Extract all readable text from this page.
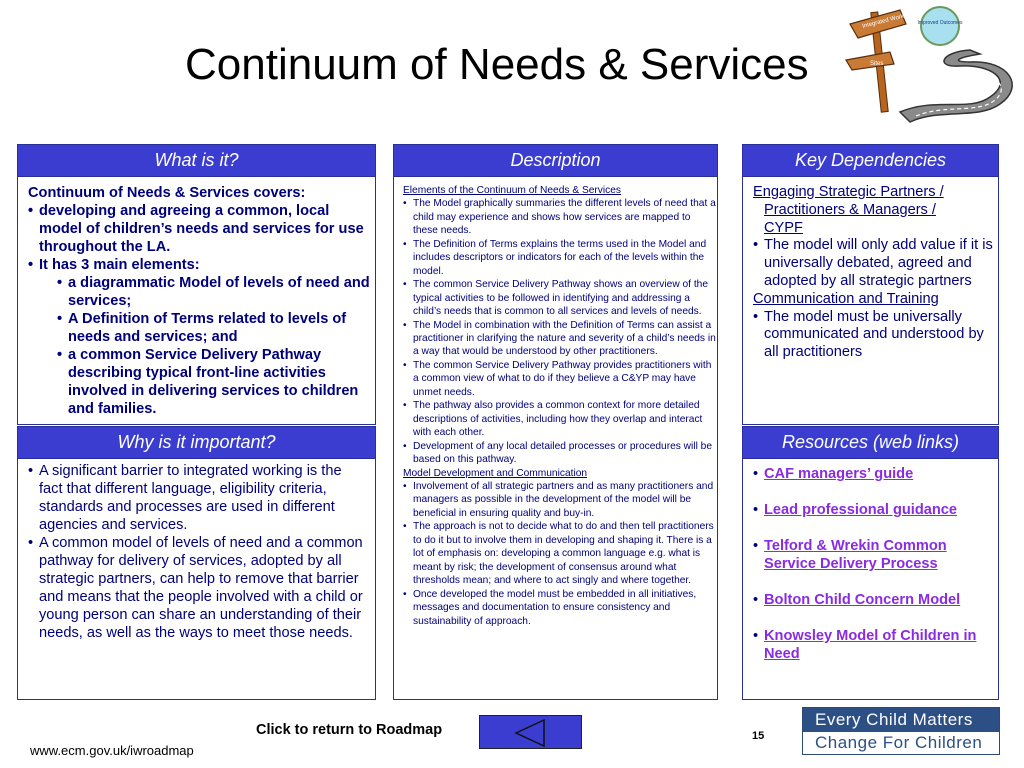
Continuum of Needs & Services
Integrated Working
Sites
Improved Outcomes
What is it?
Continuum of Needs & Services covers:
• developing and agreeing a common, local model of children’s needs and services for use throughout the LA.
• It has 3 main elements:
• a diagrammatic Model of levels of need and services;
• A Definition of Terms related to levels of needs and services; and
• a common Service Delivery Pathway describing typical front-line activities involved in delivering services to children and families.
Why is it important?
• A significant barrier to integrated working is the fact that different language, eligibility criteria, standards and processes are used in different agencies and services.
• A common model of levels of need and a common pathway for delivery of services, adopted by all strategic partners, can help to remove that barrier and means that the people involved with a child or young person can share an understanding of their needs, as well as the ways to meet those needs.
Description
Elements of the Continuum of Needs & Services
• The Model graphically summaries the different levels of need that a child may experience and shows how services are mapped to these needs.
• The Definition of Terms explains the terms used in the Model and includes descriptors or indicators for each of the levels within the model.
• The common Service Delivery Pathway shows an overview of the typical activities to be followed in identifying and addressing a child’s needs that is common to all services and levels of needs.
• The Model in combination with the Definition of Terms can assist a practitioner in clarifying the nature and severity of a child’s needs in a way that would be understood by other practitioners.
• The common Service Delivery Pathway provides practitioners with a common view of what to do if they believe a C&YP may have unmet needs.
• The pathway also provides a common context for more detailed descriptions of activities, including how they overlap and interact with each other.
• Development of any local detailed processes or procedures will be based on this pathway.
Model Development and Communication
• Involvement of all strategic partners and as many practitioners and managers as possible in the development of the model will be beneficial in ensuring quality and buy-in.
• The approach is not to decide what to do and then tell practitioners to do it but to involve them in developing and shaping it. There is a lot of emphasis on: developing a common language e.g. what is meant by risk; the development of consensus around what thresholds mean; and where to act singly and where together.
• Once developed the model must be embedded in all initiatives, messages and documentation to ensure consistency and sustainability of approach.
Key Dependencies
Engaging Strategic Partners /
Practitioners & Managers /
CYPF
• The model will only add value if it is universally debated, agreed and adopted by all strategic partners
Communication and Training
• The model must be universally communicated and understood by all practitioners
Resources (web links)
• CAF managers’ guide
• Lead professional guidance
• Telford & Wrekin Common Service Delivery Process
• Bolton Child Concern Model
• Knowsley Model of Children in Need
Click to return to Roadmap	15
www.ecm.gov.uk/iwroadmap
Every Child Matters
Change For Children
